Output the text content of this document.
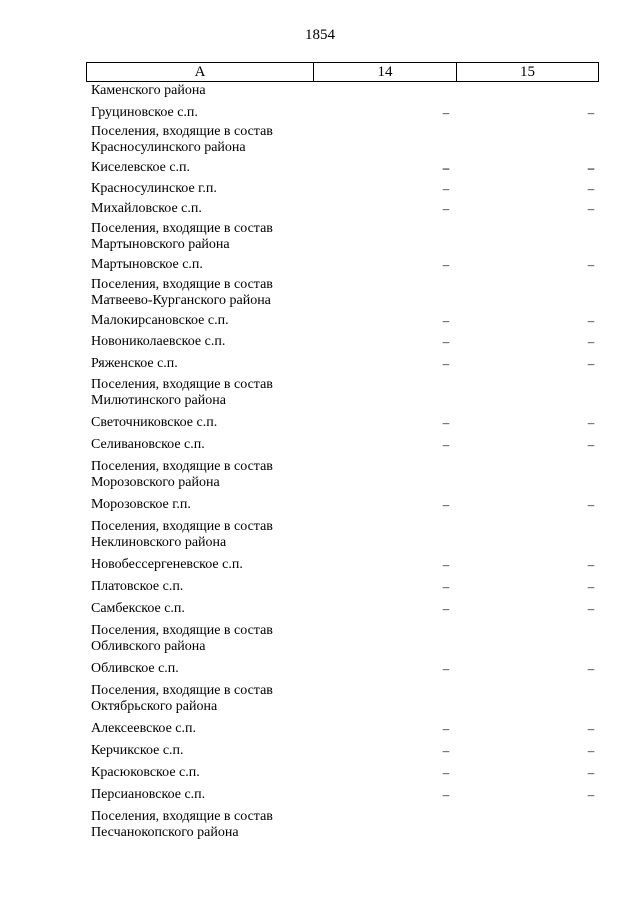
1854
А	14	15
Каменского района
Груциновское с.п.	–	–
Поселения, входящие в состав
Красносулинского района
Киселевское с.п.	–	–
Красносулинское г.п.	–	–
Михайловское с.п.	–	–
Поселения, входящие в состав
Мартыновского района
Мартыновское с.п.	–	–
Поселения, входящие в состав
Матвеево-Курганского района
Малокирсановское с.п.	–	–
Новониколаевское с.п.	–	–
Ряженское с.п.	–	–
Поселения, входящие в состав
Милютинского района
Светочниковское с.п.	–	–
Селивановское с.п.	–	–
Поселения, входящие в состав
Морозовского района
Морозовское г.п.	–	–
Поселения, входящие в состав
Неклиновского района
Новобессергеневское с.п.	–	–
Платовское с.п.	–	–
Самбекское с.п.	–	–
Поселения, входящие в состав
Обливского района
Обливское с.п.	–	–
Поселения, входящие в состав
Октябрьского района
Алексеевское с.п.	–	–
Керчикское с.п.	–	–
Красюковское с.п.	–	–
Персиановское с.п.	–	–
Поселения, входящие в состав
Песчанокопского района
